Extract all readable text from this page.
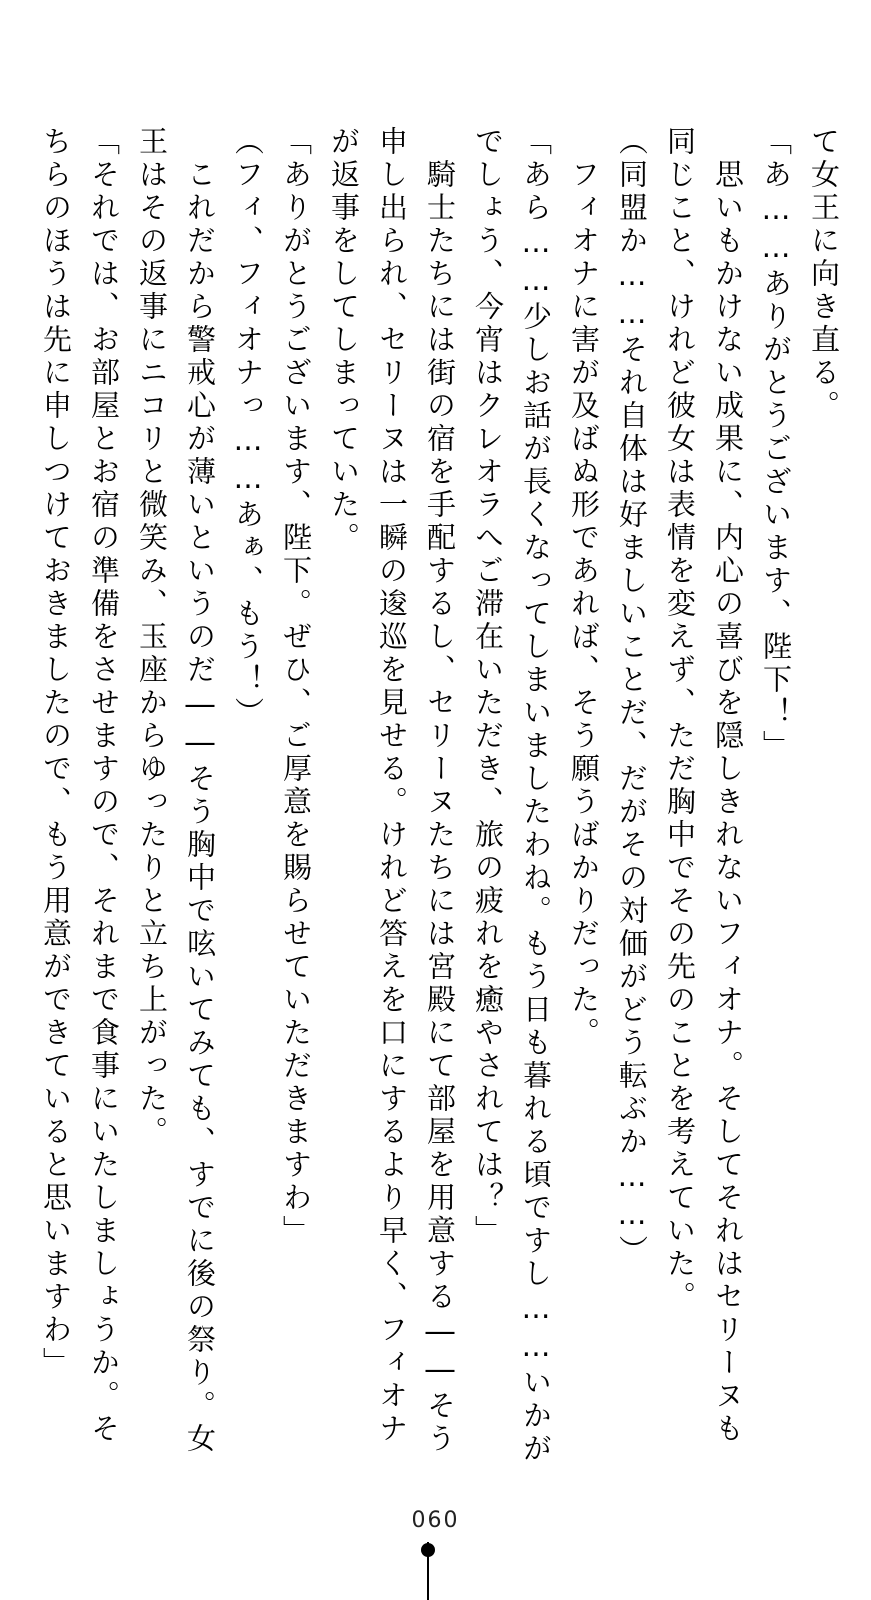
て女王に向き直る。

「あ……ありがとうございます、陛下！」

　思いもかけない成果に、内心の喜びを隠しきれないフィオナ。そしてそれはセリーヌも

同じこと、けれど彼女は表情を変えず、ただ胸中でその先のことを考えていた。

（同盟か……それ自体は好ましいことだ、だがその対価がどう転ぶか……）

　フィオナに害が及ばぬ形であれば、そう願うばかりだった。

「あら……少しお話が長くなってしまいましたわね。もう日も暮れる頃ですし……いかが

でしょう、今宵はクレオラへご滞在いただき、旅の疲れを癒やされては？」

　騎士たちには街の宿を手配するし、セリーヌたちには宮殿にて部屋を用意する――そう

申し出られ、セリーヌは一瞬の逡巡を見せる。けれど答えを口にするより早く、フィオナ

が返事をしてしまっていた。

「ありがとうございます、陛下。ぜひ、ご厚意を賜らせていただきますわ」

（フィ、フィオナっ……あぁ、もう！）

　これだから警戒心が薄いというのだ――そう胸中で呟いてみても、すでに後の祭り。女

王はその返事にニコリと微笑み、玉座からゆったりと立ち上がった。

「それでは、お部屋とお宿の準備をさせますので、それまで食事にいたしましょうか。そ

ちらのほうは先に申しつけておきましたので、もう用意ができていると思いますわ」

060
